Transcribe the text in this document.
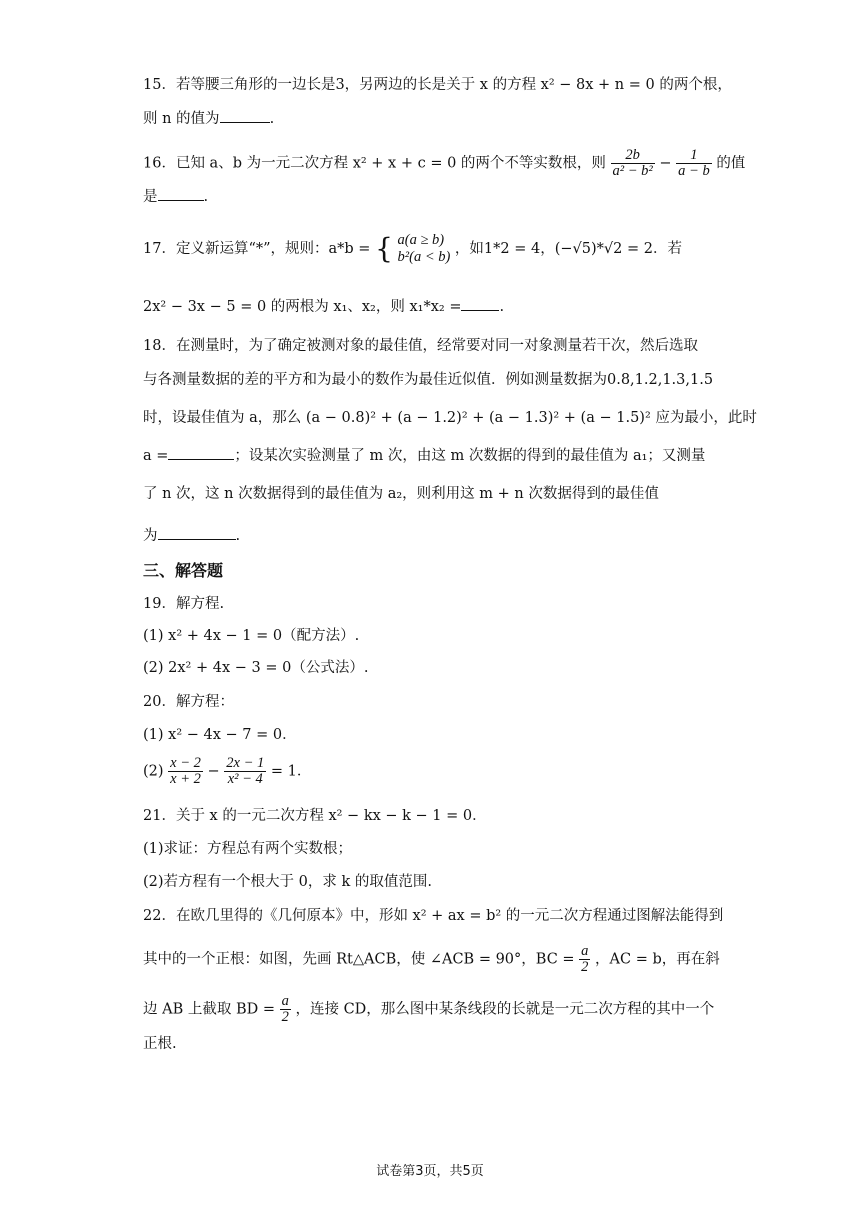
15．若等腰三角形的一边长是3，另两边的长是关于 x 的方程 x² − 8x + n = 0 的两个根，
则 n 的值为	.
16．已知 a、b 为一元二次方程 x² + x + c = 0 的两个不等实数根，则 $\frac{2b}{\text{a² − b²}} - \frac{1}{a - b}$ 的值
是	.
17．定义新运算“*”，规则：a*b = { a(a ≥ b)
b²(a < b) ，如1*2 = 4，(−√5)*√2 = 2．若
2x² − 3x − 5 = 0 的两根为 x₁、x₂，则 x₁*x₂ =	.
18．在测量时，为了确定被测对象的最佳值，经常要对同一对象测量若干次，然后选取
与各测量数据的差的平方和为最小的数作为最佳近似值．例如测量数据为0.8,1.2,1.3,1.5
时，设最佳值为 a，那么 (a − 0.8)² + (a − 1.2)² + (a − 1.3)² + (a − 1.5)² 应为最小，此时
a =	；设某次实验测量了 m 次，由这 m 次数据的得到的最佳值为 a₁；又测量
了 n 次，这 n 次数据得到的最佳值为 a₂，则利用这 m + n 次数据得到的最佳值
为	.
三、解答题
19．解方程.
(1) x² + 4x − 1 = 0（配方法）.
(2) 2x² + 4x − 3 = 0（公式法）.
20．解方程：
(1) x² − 4x − 7 = 0．
$(2) \frac{x - 2}{x + 2} - \frac{2x - 1}{\text{x² − 4}} = 1$．
21．关于 x 的一元二次方程 x² − kx − k − 1 = 0．
(1)求证：方程总有两个实数根；
(2)若方程有一个根大于 0，求 k 的取值范围.
22．在欧几里得的《几何原本》中，形如 x² + ax = b² 的一元二次方程通过图解法能得到
其中的一个正根：如图，先画 Rt△ACB，使 ∠ACB = 90°，BC = $\frac{a}{2}$ ，AC = b，再在斜
边 AB 上截取 BD = $\frac{a}{2}$ ，连接 CD，那么图中某条线段的长就是一元二次方程的其中一个
正根.
试卷第3页，共5页
